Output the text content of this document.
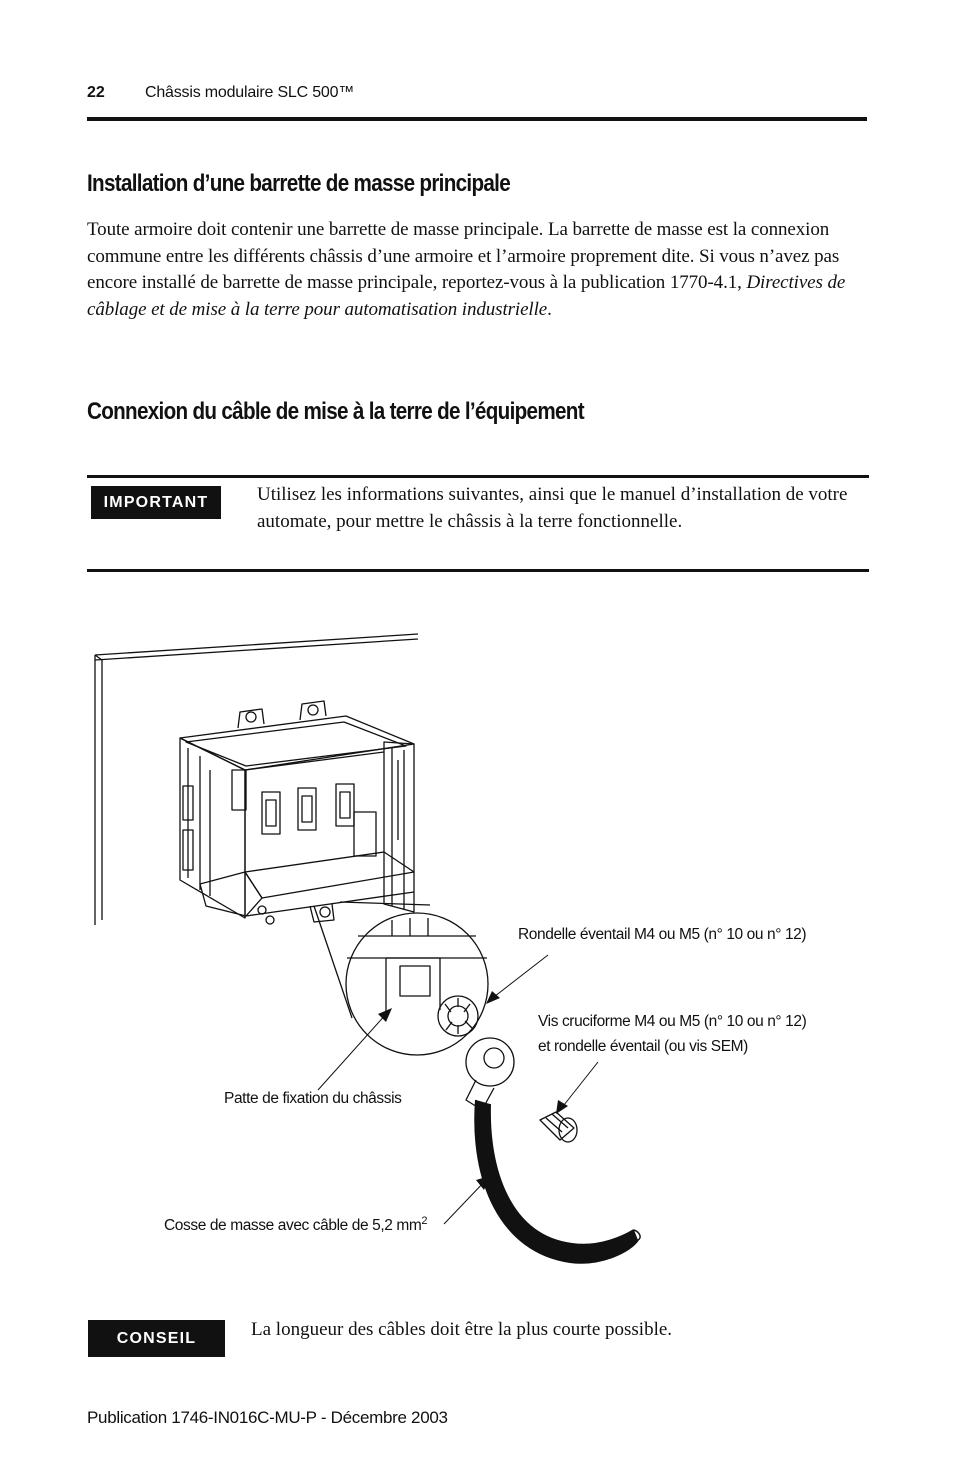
22	Châssis modulaire SLC 500™
Installation d’une barrette de masse principale
Toute armoire doit contenir une barrette de masse principale. La barrette de masse est la connexion commune entre les différents châssis d’une armoire et l’armoire proprement dite. Si vous n’avez pas encore installé de barrette de masse principale, reportez-vous à la publication 1770-4.1, Directives de câblage et de mise à la terre pour automatisation industrielle.
Connexion du câble de mise à la terre de l’équipement
IMPORTANT	Utilisez les informations suivantes, ainsi que le manuel d’installation de votre automate, pour mettre le châssis à la terre fonctionnelle.
Rondelle éventail M4 ou M5 (n° 10 ou n° 12)
Vis cruciforme M4 ou M5 (n° 10 ou n° 12)
et rondelle éventail (ou vis SEM)
Patte de fixation du châssis
Cosse de masse avec câble de 5,2 $mm^2$
CONSEIL	La longueur des câbles doit être la plus courte possible.
Publication 1746-IN016C-MU-P - Décembre 2003
